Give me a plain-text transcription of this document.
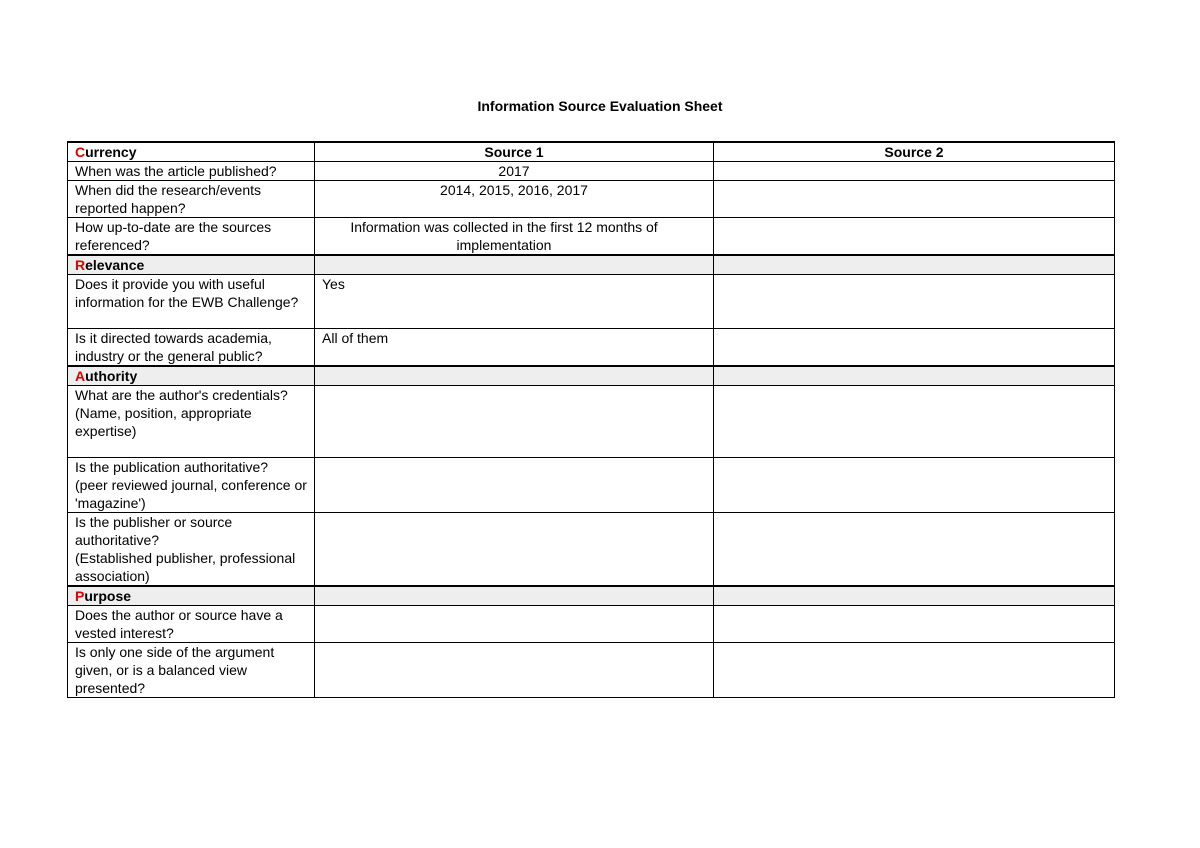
Information Source Evaluation Sheet
Currency	Source 1	Source 2
When was the article published?	2017	
When did the research/events reported happen?	2014, 2015, 2016, 2017	
How up-to-date are the sources referenced?	Information was collected in the first 12 months of implementation	
Relevance		
Does it provide you with useful information for the EWB Challenge?	Yes	
Is it directed towards academia, industry or the general public?	All of them	
Authority		

What are the author's credentials?
(Name, position, appropriate expertise)		

Is the publication authoritative?
(peer reviewed journal, conference or 'magazine')		

Is the publisher or source authoritative?
(Established publisher, professional association)		

Purpose		
Does the author or source have a vested interest?		
Is only one side of the argument given, or is a balanced view presented?		
